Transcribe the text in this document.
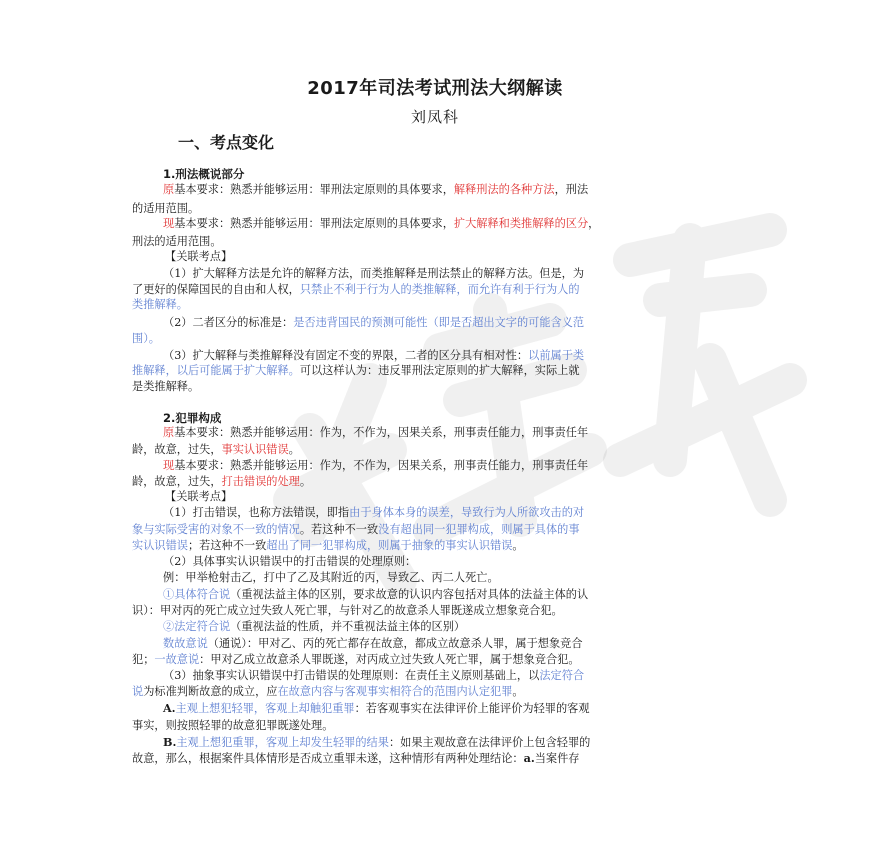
2017年司法考试刑法大纲解读
刘凤科
一、考点变化
1.刑法概说部分
原基本要求：熟悉并能够运用：罪刑法定原则的具体要求，解释刑法的各种方法，刑法
的适用范围。
现基本要求：熟悉并能够运用：罪刑法定原则的具体要求，扩大解释和类推解释的区分，
刑法的适用范围。
【关联考点】
（1）扩大解释方法是允许的解释方法，而类推解释是刑法禁止的解释方法。但是，为
了更好的保障国民的自由和人权，只禁止不利于行为人的类推解释，而允许有利于行为人的
类推解释。
（2）二者区分的标准是：是否违背国民的预测可能性（即是否超出文字的可能含义范
围）。
（3）扩大解释与类推解释没有固定不变的界限，二者的区分具有相对性：以前属于类
推解释，以后可能属于扩大解释。可以这样认为：违反罪刑法定原则的扩大解释，实际上就
是类推解释。
2.犯罪构成
原基本要求：熟悉并能够运用：作为，不作为，因果关系，刑事责任能力，刑事责任年
龄，故意，过失，事实认识错误。
现基本要求：熟悉并能够运用：作为，不作为，因果关系，刑事责任能力，刑事责任年
龄，故意，过失，打击错误的处理。
【关联考点】
（1）打击错误，也称方法错误，即指由于身体本身的误差，导致行为人所欲攻击的对
象与实际受害的对象不一致的情况。若这种不一致没有超出同一犯罪构成，则属于具体的事
实认识错误；若这种不一致超出了同一犯罪构成，则属于抽象的事实认识错误。
（2）具体事实认识错误中的打击错误的处理原则：
例：甲举枪射击乙，打中了乙及其附近的丙，导致乙、丙二人死亡。
①具体符合说（重视法益主体的区别，要求故意的认识内容包括对具体的法益主体的认
识）：甲对丙的死亡成立过失致人死亡罪，与针对乙的故意杀人罪既遂成立想象竞合犯。
②法定符合说（重视法益的性质，并不重视法益主体的区别）
数故意说（通说）：甲对乙、丙的死亡都存在故意，都成立故意杀人罪，属于想象竞合
犯；一故意说：甲对乙成立故意杀人罪既遂，对丙成立过失致人死亡罪，属于想象竞合犯。
（3）抽象事实认识错误中打击错误的处理原则：在责任主义原则基础上，以法定符合
说为标准判断故意的成立，应在故意内容与客观事实相符合的范围内认定犯罪。
A.主观上想犯轻罪，客观上却触犯重罪：若客观事实在法律评价上能评价为轻罪的客观
事实，则按照轻罪的故意犯罪既遂处理。
B.主观上想犯重罪，客观上却发生轻罪的结果：如果主观故意在法律评价上包含轻罪的
故意，那么，根据案件具体情形是否成立重罪未遂，这种情形有两种处理结论：a.当案件存
